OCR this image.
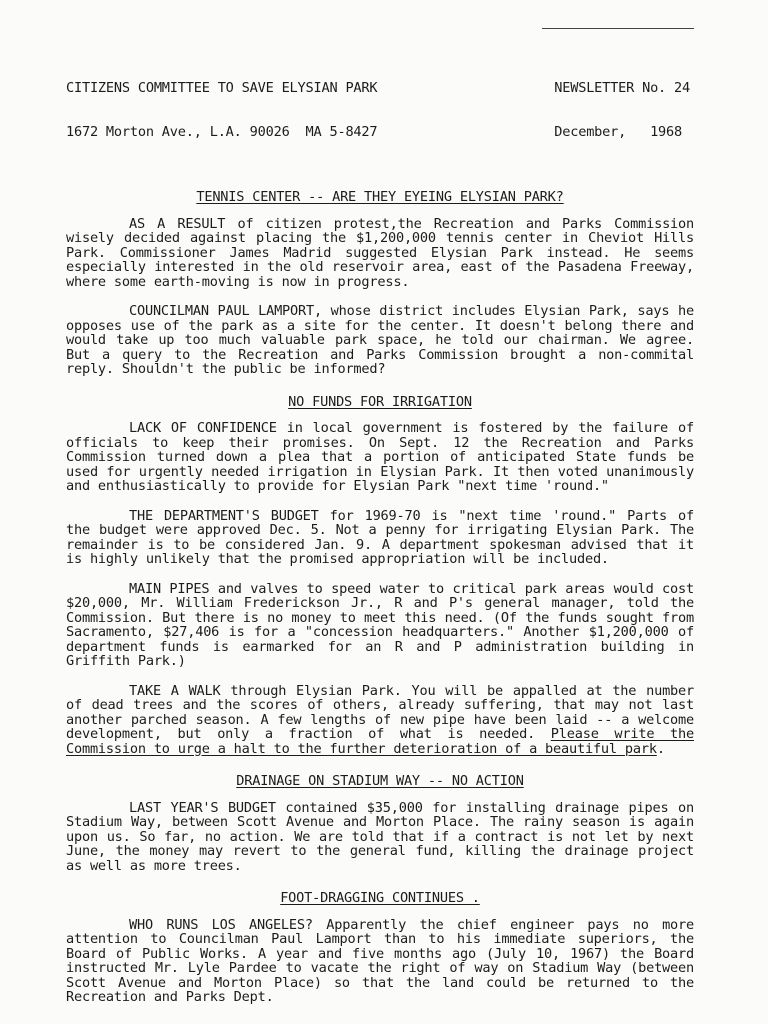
CITIZENS COMMITTEE TO SAVE ELYSIAN PARK

1672 Morton Ave., L.A. 90026  MA 5-8427

NEWSLETTER No. 24

December,   1968

TENNIS CENTER -- ARE THEY EYEING ELYSIAN PARK?

AS A RESULT of citizen protest,the Recreation and Parks Commission wisely decided against placing the $1,200,000 tennis center in Cheviot Hills Park. Commissioner James Madrid suggested Elysian Park instead. He seems especially interested in the old reservoir area, east of the Pasadena Freeway, where some earth-moving is now in progress.

COUNCILMAN PAUL LAMPORT, whose district includes Elysian Park, says he opposes use of the park as a site for the center. It doesn't belong there and would take up too much valuable park space, he told our chairman. We agree. But a query to the Recreation and Parks Commission brought a non-commital reply. Shouldn't the public be informed?

NO FUNDS FOR IRRIGATION

LACK OF CONFIDENCE in local government is fostered by the failure of officials to keep their promises. On Sept. 12 the Recreation and Parks Commission turned down a plea that a portion of anticipated State funds be used for urgently needed irrigation in Elysian Park. It then voted unanimously and enthusiastically to provide for Elysian Park "next time 'round."

THE DEPARTMENT'S BUDGET for 1969-70 is "next time 'round." Parts of the budget were approved Dec. 5. Not a penny for irrigating Elysian Park. The remainder is to be considered Jan. 9. A department spokesman advised that it is highly unlikely that the promised appropriation will be included.

MAIN PIPES and valves to speed water to critical park areas would cost $20,000, Mr. William Frederickson Jr., R and P's general manager, told the Commission. But there is no money to meet this need. (Of the funds sought from Sacramento, $27,406 is for a "concession headquarters." Another $1,200,000 of department funds is earmarked for an R and P administration building in Griffith Park.)

TAKE A WALK through Elysian Park. You will be appalled at the number of dead trees and the scores of others, already suffering, that may not last another parched season. A few lengths of new pipe have been laid -- a welcome development, but only a fraction of what is needed. Please write the Commission to urge a halt to the further deterioration of a beautiful park.

DRAINAGE ON STADIUM WAY -- NO ACTION

LAST YEAR'S BUDGET contained $35,000 for installing drainage pipes on Stadium Way, between Scott Avenue and Morton Place. The rainy season is again upon us. So far, no action. We are told that if a contract is not let by next June, the money may revert to the general fund, killing the drainage project as well as more trees.

FOOT-DRAGGING CONTINUES .

WHO RUNS LOS ANGELES? Apparently the chief engineer pays no more attention to Councilman Paul Lamport than to his immediate superiors, the Board of Public Works. A year and five months ago (July 10, 1967) the Board instructed Mr. Lyle Pardee to vacate the right of way on Stadium Way (between Scott Avenue and Morton Place) so that the land could be returned to the Recreation and Parks Dept.
